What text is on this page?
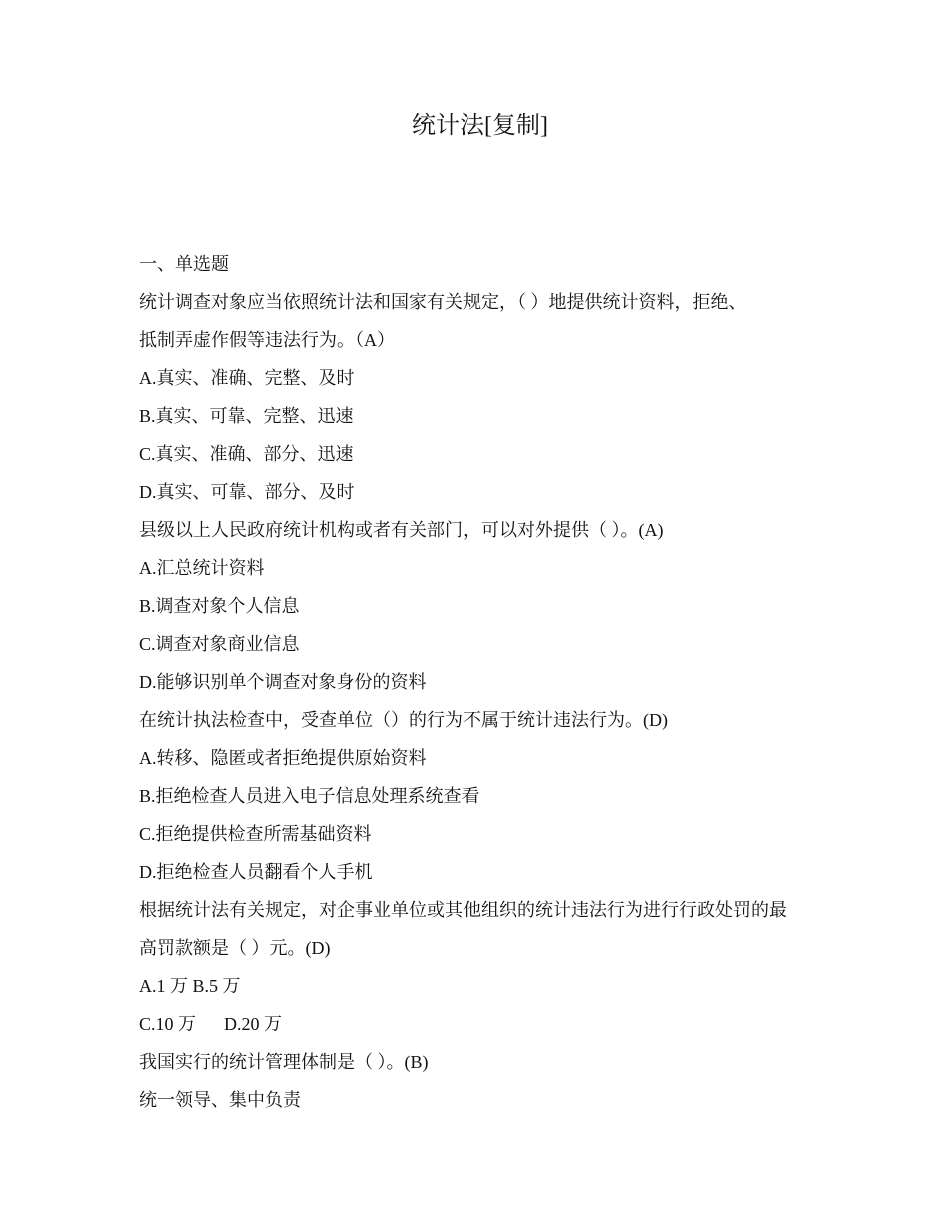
统计法[复制]

一、单选题

统计调查对象应当依照统计法和国家有关规定，（ ）地提供统计资料，拒绝、

抵制弄虚作假等违法行为。（A）

A.真实、准确、完整、及时

B.真实、可靠、完整、迅速

C.真实、准确、部分、迅速

D.真实、可靠、部分、及时

县级以上人民政府统计机构或者有关部门，可以对外提供（ ）。(A)

A.汇总统计资料

B.调查对象个人信息

C.调查对象商业信息

D.能够识别单个调查对象身份的资料

在统计执法检查中，受查单位（）的行为不属于统计违法行为。(D)

A.转移、隐匿或者拒绝提供原始资料

B.拒绝检查人员进入电子信息处理系统查看

C.拒绝提供检查所需基础资料

D.拒绝检查人员翻看个人手机

根据统计法有关规定，对企事业单位或其他组织的统计违法行为进行行政处罚的最

高罚款额是（ ）元。(D)

A.1 万 B.5 万

C.10 万 D.20 万

我国实行的统计管理体制是（ ）。(B)

统一领导、集中负责
